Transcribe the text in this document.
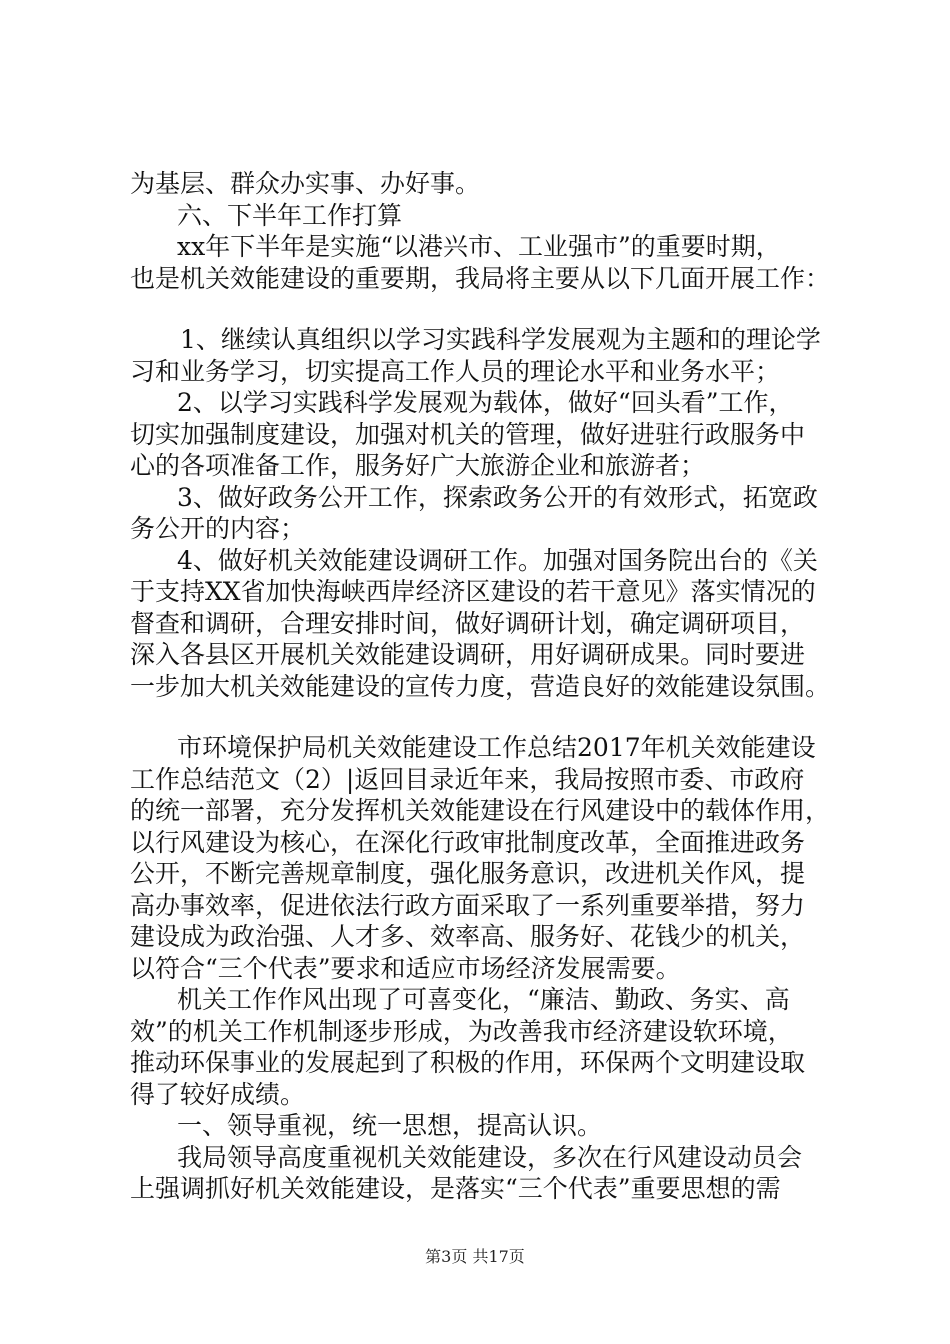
为基层、群众办实事、办好事。
六、下半年工作打算
xx年下半年是实施“以港兴市、工业强市”的重要时期，
也是机关效能建设的重要期，我局将主要从以下几面开展工作：
1、继续认真组织以学习实践科学发展观为主题和的理论学
习和业务学习，切实提高工作人员的理论水平和业务水平；
2、以学习实践科学发展观为载体，做好“回头看”工作，
切实加强制度建设，加强对机关的管理，做好进驻行政服务中
心的各项准备工作，服务好广大旅游企业和旅游者；
3、做好政务公开工作，探索政务公开的有效形式，拓宽政
务公开的内容；
4、做好机关效能建设调研工作。加强对国务院出台的《关
于支持XX省加快海峡西岸经济区建设的若干意见》落实情况的
督查和调研，合理安排时间，做好调研计划，确定调研项目，
深入各县区开展机关效能建设调研，用好调研成果。同时要进
一步加大机关效能建设的宣传力度，营造良好的效能建设氛围。
市环境保护局机关效能建设工作总结2017年机关效能建设
工作总结范文（2）|返回目录近年来，我局按照市委、市政府
的统一部署，充分发挥机关效能建设在行风建设中的载体作用，
以行风建设为核心，在深化行政审批制度改革，全面推进政务
公开，不断完善规章制度，强化服务意识，改进机关作风，提
高办事效率，促进依法行政方面采取了一系列重要举措，努力
建设成为政治强、人才多、效率高、服务好、花钱少的机关，
以符合“三个代表”要求和适应市场经济发展需要。
机关工作作风出现了可喜变化，“廉洁、勤政、务实、高
效”的机关工作机制逐步形成，为改善我市经济建设软环境，
推动环保事业的发展起到了积极的作用，环保两个文明建设取
得了较好成绩。
一、领导重视，统一思想，提高认识。
我局领导高度重视机关效能建设，多次在行风建设动员会
上强调抓好机关效能建设，是落实“三个代表”重要思想的需
第3页 共17页
